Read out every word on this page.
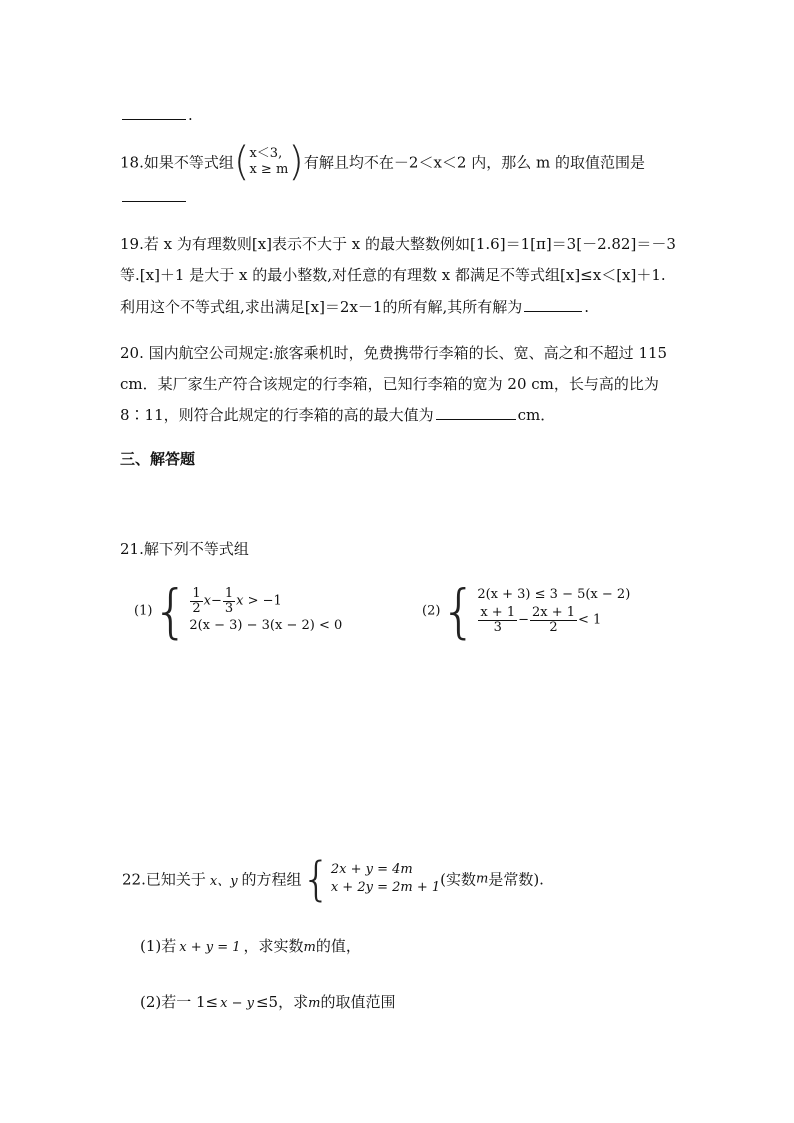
.
18.如果不等式组( x＜3,
x ≥ m )有解且均不在－2＜x＜2 内，那么 m 的取值范围是
19.若 x 为有理数则[x]表示不大于 x 的最大整数例如[1.6]＝1[π]＝3[－2.82]＝－3
等.[x]＋1 是大于 x 的最小整数,对任意的有理数 x 都满足不等式组[x]≤x＜[x]＋1.
利用这个不等式组,求出满足[x]＝2x－1的所有解,其所有解为	.
20. 国内航空公司规定:旅客乘机时，免费携带行李箱的长、宽、高之和不超过 115
cm．某厂家生产符合该规定的行李箱，已知行李箱的宽为 20 cm，长与高的比为
8∶11，则符合此规定的行李箱的高的最大值为	cm．
三、解答题
21.解下列不等式组
$(1)\{ \frac{1}{2} x- \frac{1}{3}$ x > −1
2(x − 3) − 3(x − 2) < 0
(2){ 2(x + 3) ≤ 3 − 5(x − 2)
$\frac{x + 1}{3} - \frac{2x + 1}{2} < 1$
22.已知关于 x、y 的方程组{ 2x + y = 4m
x + 2y = 2m + 1 (实数m是常数).
(1)若 x + y = 1 ，求实数m的值，
(2)若一 1≤ x − y ≤5，求m的取值范围
